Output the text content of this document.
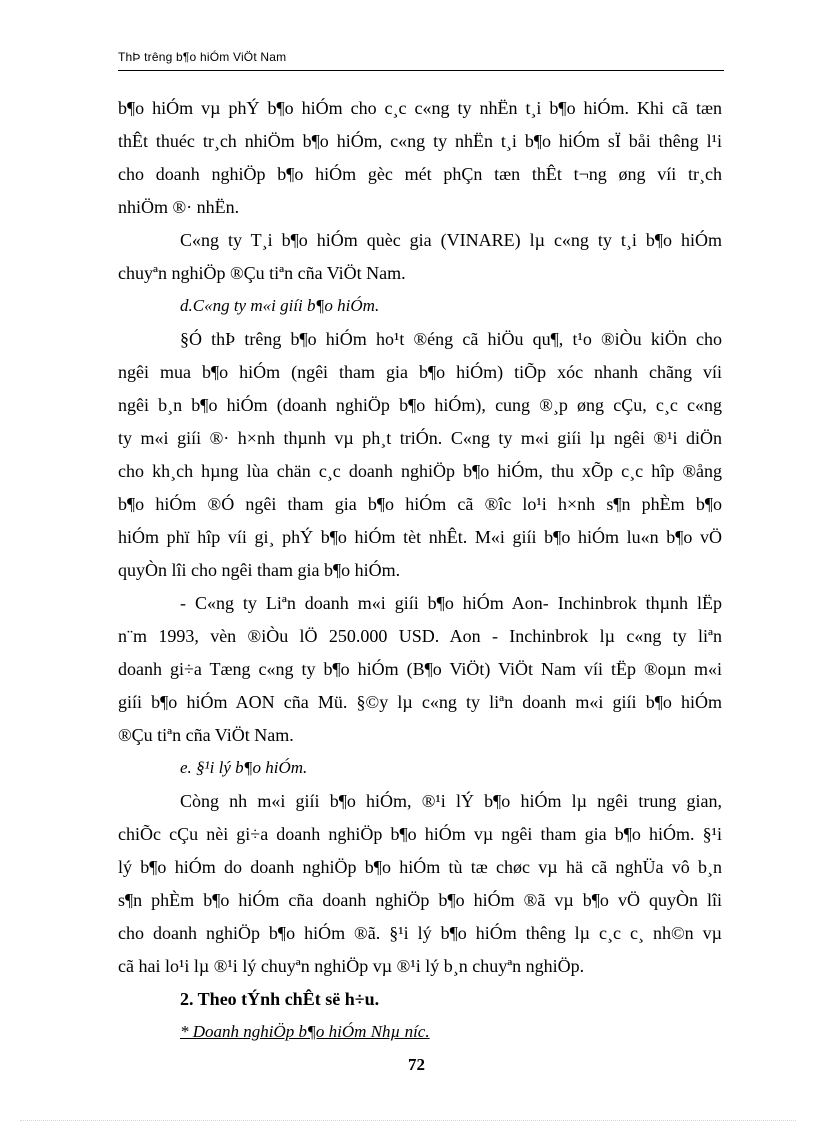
ThÞ trêng b¶o hiÓm ViÖt Nam
b¶o hiÓm vµ phÝ b¶o hiÓm cho c¸c c«ng ty nhËn t¸i b¶o hiÓm. Khi cã tæn
thÊt thuéc tr¸ch nhiÖm b¶o hiÓm, c«ng ty nhËn t¸i b¶o hiÓm sÏ båi thêng l¹i
cho doanh nghiÖp b¶o hiÓm gèc mét phÇn tæn thÊt t¬ng øng víi tr¸ch
nhiÖm ®· nhËn.
C«ng ty T¸i b¶o hiÓm quèc gia (VINARE) lµ c«ng ty t¸i b¶o hiÓm
chuyªn nghiÖp ®Çu tiªn cña ViÖt Nam.
d.C«ng ty m«i giíi b¶o hiÓm.
§Ó thÞ trêng b¶o hiÓm ho¹t ®éng cã hiÖu qu¶, t¹o ®iÒu kiÖn cho
ngêi mua b¶o hiÓm (ngêi tham gia b¶o hiÓm) tiÕp xóc nhanh chãng víi
ngêi b¸n b¶o hiÓm (doanh nghiÖp b¶o hiÓm), cung ®¸p øng cÇu, c¸c c«ng
ty m«i giíi ®· h×nh thµnh vµ ph¸t triÓn. C«ng ty m«i giíi lµ ngêi ®¹i diÖn
cho kh¸ch hµng lùa chän c¸c doanh nghiÖp b¶o hiÓm, thu xÕp c¸c hîp ®ång
b¶o hiÓm ®Ó ngêi tham gia b¶o hiÓm cã ®îc lo¹i h×nh s¶n phÈm b¶o
hiÓm phï hîp víi gi¸ phÝ b¶o hiÓm tèt nhÊt. M«i giíi b¶o hiÓm lu«n b¶o vÖ
quyÒn lîi cho ngêi tham gia b¶o hiÓm.
- C«ng ty Liªn doanh m«i giíi b¶o hiÓm Aon- Inchinbrok thµnh lËp
n¨m 1993, vèn ®iÒu lÖ 250.000 USD. Aon - Inchinbrok lµ c«ng ty liªn
doanh gi÷a Tæng c«ng ty b¶o hiÓm (B¶o ViÖt) ViÖt Nam víi tËp ®oµn m«i
giíi b¶o hiÓm AON cña Mü. §©y lµ c«ng ty liªn doanh m«i giíi b¶o hiÓm
®Çu tiªn cña ViÖt Nam.
e. §¹i lý b¶o hiÓm.
Còng nh m«i giíi b¶o hiÓm, ®¹i lÝ b¶o hiÓm lµ ngêi trung gian,
chiÕc cÇu nèi gi÷a doanh nghiÖp b¶o hiÓm vµ ngêi tham gia b¶o hiÓm. §¹i
lý b¶o hiÓm do doanh nghiÖp b¶o hiÓm tù tæ chøc vµ hä cã nghÜa vô b¸n
s¶n phÈm b¶o hiÓm cña doanh nghiÖp b¶o hiÓm ®ã vµ b¶o vÖ quyÒn lîi
cho doanh nghiÖp b¶o hiÓm ®ã. §¹i lý b¶o hiÓm thêng lµ c¸c c¸ nh©n vµ
cã hai lo¹i lµ ®¹i lý chuyªn nghiÖp vµ ®¹i lý b¸n chuyªn nghiÖp.
2. Theo tÝnh chÊt së h÷u.
* Doanh nghiÖp b¶o hiÓm Nhµ níc.
72
